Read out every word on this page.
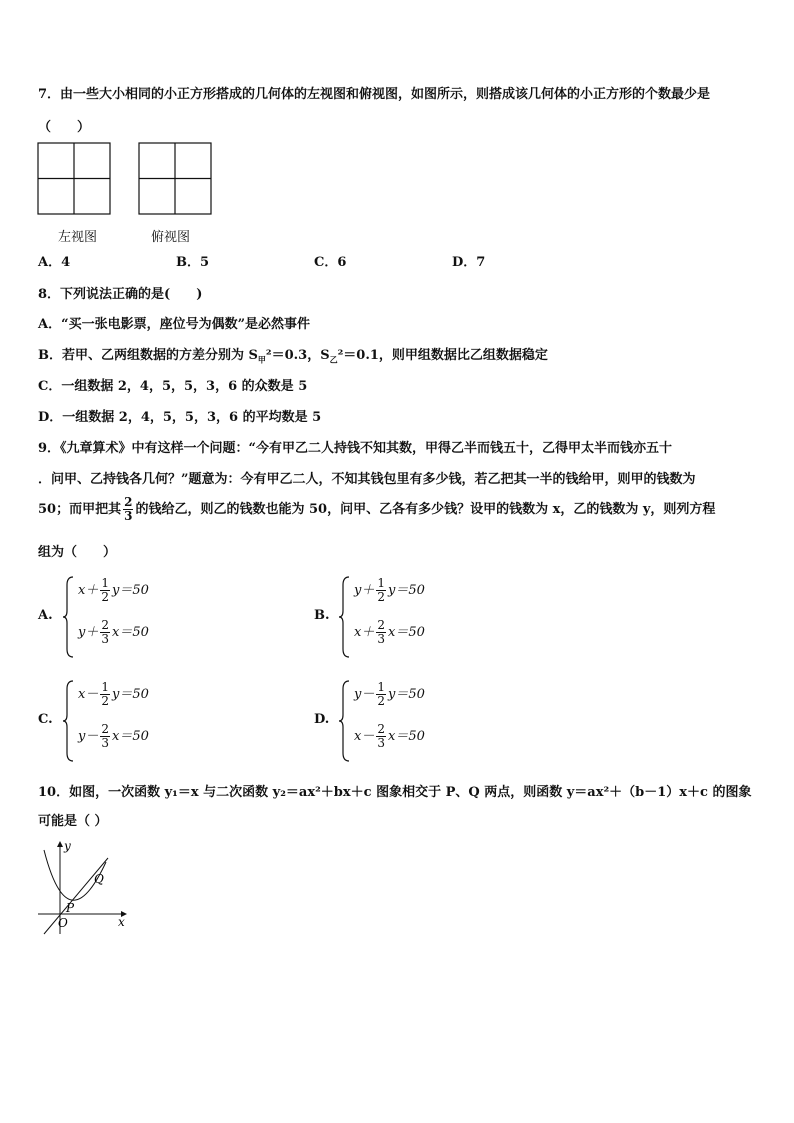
7．由一些大小相同的小正方形搭成的几何体的左视图和俯视图，如图所示，则搭成该几何体的小正方形的个数最少是
（　　）
左视图	俯视图
A．4	B．5	C．6	D．7
8．下列说法正确的是(　　)
A．“买一张电影票，座位号为偶数”是必然事件
B．若甲、乙两组数据的方差分别为 $S_甲^2=0.3$，$S_乙^2=0.1$，则甲组数据比乙组数据稳定
C．一组数据 2，4，5，5，3，6 的众数是 5
D．一组数据 2，4，5，5，3，6 的平均数是 5
9．《九章算术》中有这样一个问题：“今有甲乙二人持钱不知其数，甲得乙半而钱五十，乙得甲太半而钱亦五十
．问甲、乙持钱各几何？”题意为：今有甲乙二人，不知其钱包里有多少钱，若乙把其一半的钱给甲，则甲的钱数为
50；而甲把其 $\frac{2}{3}$ 的钱给乙，则乙的钱数也能为 50，问甲、乙各有多少钱？设甲的钱数为 x，乙的钱数为 y，则列方程
组为（　　）
A.
$x+ \frac{1}{2} y=50$
$y+ \frac{2}{3} x=50$
B.
$y+ \frac{1}{2} y=50$
$x+ \frac{2}{3} x=50$
C.
$x- \frac{1}{2} y=50$
$y- \frac{2}{3} x=50$
D.
$y- \frac{1}{2} y=50$
$x- \frac{2}{3} x=50$
10．如图，一次函数 y₁＝x 与二次函数 y₂＝ax²＋bx＋c 图象相交于 P、Q 两点，则函数 y＝ax²＋（b－1）x＋c 的图象
可能是（ ）
y
x
O
P
Q
